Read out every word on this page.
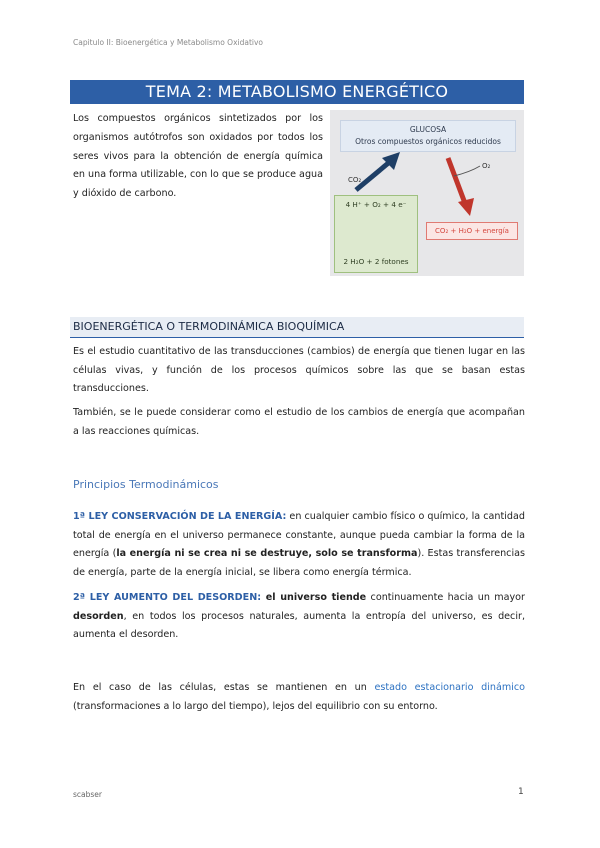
Capitulo II: Bioenergética y Metabolismo Oxidativo
TEMA 2: METABOLISMO ENERGÉTICO
Los compuestos orgánicos sintetizados por los organismos autótrofos son oxidados por todos los seres vivos para la obtención de energía química en una forma utilizable, con lo que se produce agua y dióxido de carbono.
GLUCOSA
Otros compuestos orgánicos reducidos
CO₂
O₂
4 H⁺ + O₂ + 4 e⁻
2 H₂O + 2 fotones
CO₂ + H₂O + energía
BIOENERGÉTICA O TERMODINÁMICA BIOQUÍMICA
Es el estudio cuantitativo de las transducciones (cambios) de energía que tienen lugar en las células vivas, y función de los procesos químicos sobre las que se basan estas transducciones.
También, se le puede considerar como el estudio de los cambios de energía que acompañan a las reacciones químicas.
Principios Termodinámicos
1ª LEY CONSERVACIÓN DE LA ENERGÍA: en cualquier cambio físico o químico, la cantidad total de energía en el universo permanece constante, aunque pueda cambiar la forma de la energía (la energía ni se crea ni se destruye, solo se transforma). Estas transferencias de energía, parte de la energía inicial, se libera como energía térmica.
2ª LEY AUMENTO DEL DESORDEN: el universo tiende continuamente hacia un mayor desorden, en todos los procesos naturales, aumenta la entropía del universo, es decir, aumenta el desorden.
En el caso de las células, estas se mantienen en un estado estacionario dinámico (transformaciones a lo largo del tiempo), lejos del equilibrio con su entorno.
scabser	1
